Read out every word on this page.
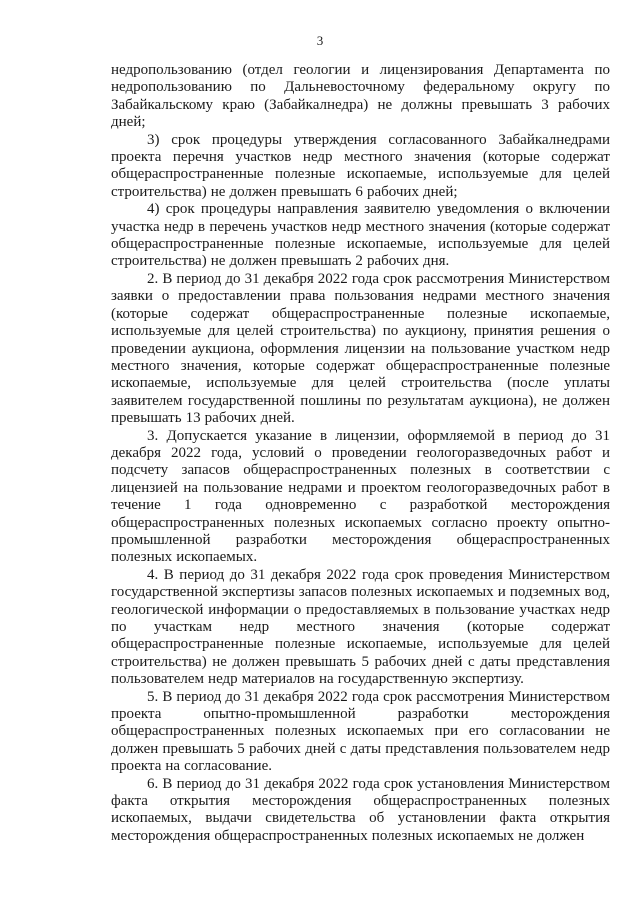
3

недропользованию (отдел геологии и лицензирования Департамента по недропользованию по Дальневосточному федеральному округу по Забайкальскому краю (Забайкалнедра) не должны превышать 3 рабочих дней;

3) срок процедуры утверждения согласованного Забайкалнедрами проекта перечня участков недр местного значения (которые содержат общераспространенные полезные ископаемые, используемые для целей строительства) не должен превышать 6 рабочих дней;

4) срок процедуры направления заявителю уведомления о включении участка недр в перечень участков недр местного значения (которые содержат общераспространенные полезные ископаемые, используемые для целей строительства) не должен превышать 2 рабочих дня.

2. В период до 31 декабря 2022 года срок рассмотрения Министерством заявки о предоставлении права пользования недрами местного значения (которые содержат общераспространенные полезные ископаемые, используемые для целей строительства) по аукциону, принятия решения о проведении аукциона, оформления лицензии на пользование участком недр местного значения, которые содержат общераспространенные полезные ископаемые, используемые для целей строительства (после уплаты заявителем государственной пошлины по результатам аукциона), не должен превышать 13 рабочих дней.

3. Допускается указание в лицензии, оформляемой в период до 31 декабря 2022 года, условий о проведении геологоразведочных работ и подсчету запасов общераспространенных полезных в соответствии с лицензией на пользование недрами и проектом геологоразведочных работ в течение 1 года одновременно с разработкой месторождения общераспространенных полезных ископаемых согласно проекту опытно-промышленной разработки месторождения общераспространенных полезных ископаемых.

4. В период до 31 декабря 2022 года срок проведения Министерством государственной экспертизы запасов полезных ископаемых и подземных вод, геологической информации о предоставляемых в пользование участках недр по участкам недр местного значения (которые содержат общераспространенные полезные ископаемые, используемые для целей строительства) не должен превышать 5 рабочих дней с даты представления пользователем недр материалов на государственную экспертизу.

5. В период до 31 декабря 2022 года срок рассмотрения Министерством проекта опытно-промышленной разработки месторождения общераспространенных полезных ископаемых при его согласовании не должен превышать 5 рабочих дней с даты представления пользователем недр проекта на согласование.

6. В период до 31 декабря 2022 года срок установления Министерством факта открытия месторождения общераспространенных полезных ископаемых, выдачи свидетельства об установлении факта открытия месторождения общераспространенных полезных ископаемых не должен
